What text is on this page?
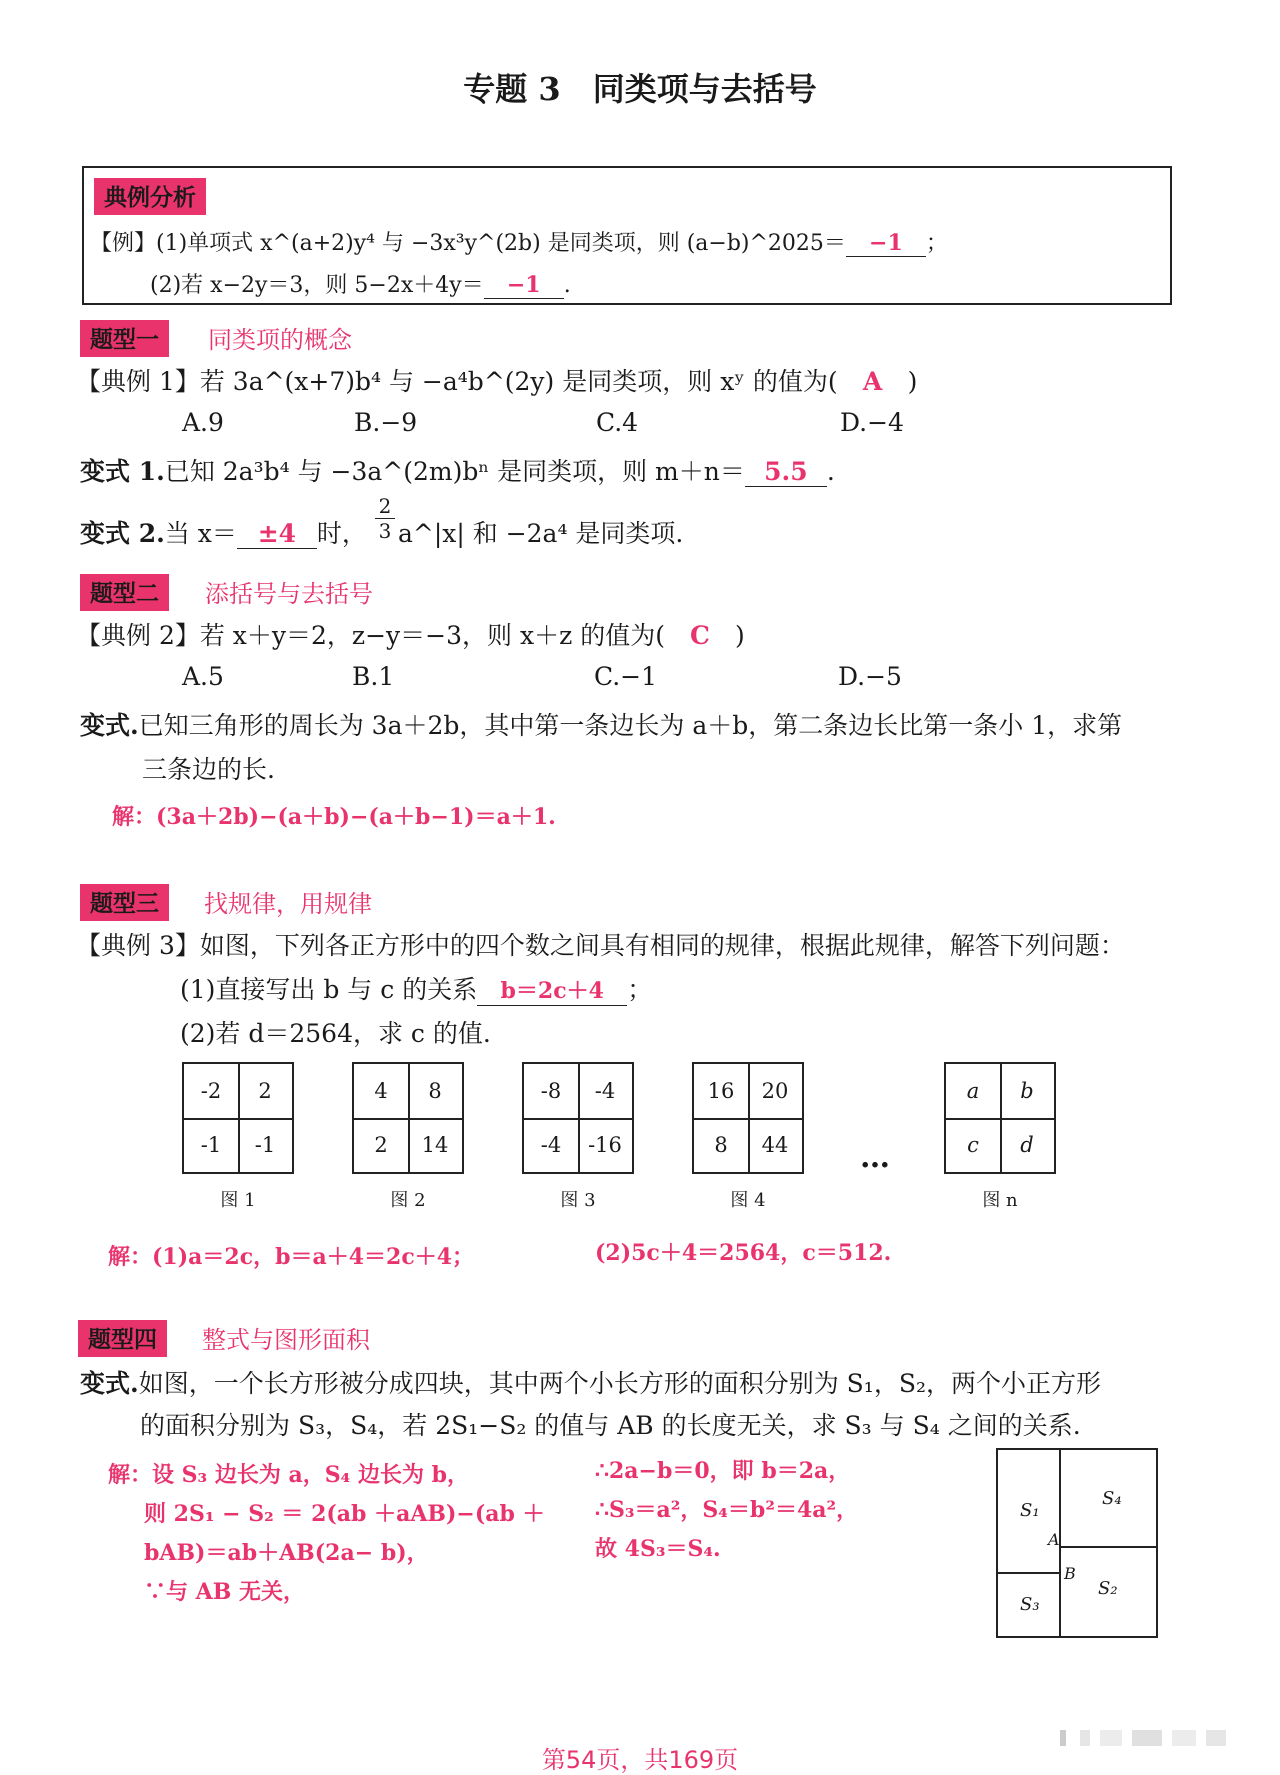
专题 3　同类项与去括号
典例分析
【例】(1)单项式 x^(a+2)y⁴ 与 −3x³y^(2b) 是同类项，则 (a−b)^2025＝ −1 ；
(2)若 x−2y＝3，则 5−2x＋4y＝ −1 .
题型一	同类项的概念
【典例 1】若 3a^(x+7)b⁴ 与 −a⁴b^(2y) 是同类项，则 xʸ 的值为( A )
A.9	B.−9	C.4	D.−4
变式 1.已知 2a³b⁴ 与 −3a^(2m)bⁿ 是同类项，则 m＋n＝ 5.5 .
变式 2.当 x＝ ±4 时， $\frac{2}{3}$ a^|x| 和 −2a⁴ 是同类项.
题型二	添括号与去括号
【典例 2】若 x＋y＝2，z−y＝−3，则 x＋z 的值为( C )
A.5	B.1	C.−1	D.−5
变式.已知三角形的周长为 3a＋2b，其中第一条边长为 a＋b，第二条边长比第一条小 1，求第
三条边的长.
解：(3a＋2b)−(a＋b)−(a＋b−1)＝a＋1.
题型三	找规律，用规律
【典例 3】如图，下列各正方形中的四个数之间具有相同的规律，根据此规律，解答下列问题：
(1)直接写出 b 与 c 的关系 b＝2c＋4 ；
(2)若 d＝2564，求 c 的值.
-2	2
-1	-1
图 1
4	8
2	14
图 2
-8	-4
-4	-16
图 3
16	20
8	44
图 4
a	b
c	d
图 n
…
解：(1)a＝2c，b＝a＋4＝2c＋4；	(2)5c＋4＝2564，c＝512.
题型四	整式与图形面积
变式.如图，一个长方形被分成四块，其中两个小长方形的面积分别为 S₁，S₂，两个小正方形
的面积分别为 S₃，S₄，若 2S₁−S₂ 的值与 AB 的长度无关，求 S₃ 与 S₄ 之间的关系.
解：设 S₃ 边长为 a，S₄ 边长为 b，
则 2S₁ − S₂ ＝ 2(ab ＋aAB)−(ab ＋
bAB)＝ab＋AB(2a− b)，
∵与 AB 无关，
∴2a−b＝0，即 b＝2a，
∴S₃＝a²，S₄＝b²＝4a²，
故 4S₃＝S₄.
S₁
S₄
A
B
S₃
S₂
第54页，共169页
